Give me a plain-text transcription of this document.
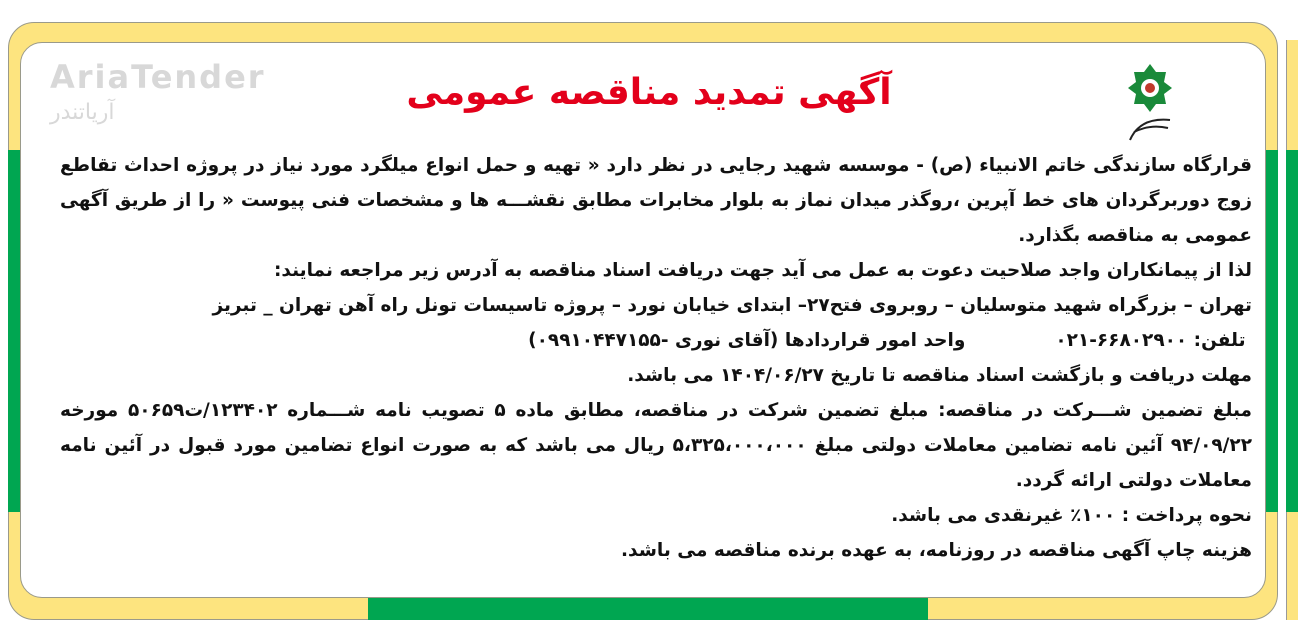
AriaTender
آریاتندر	آگهی تمدید مناقصه عمومی

قرارگاه سازندگی خاتم الانبیاء (ص) - موسسه شهید رجایی در نظر دارد « تهیه و حمل انواع میلگرد مورد نیاز در پروژه احداث تقاطع زوج دوربرگردان های خط آپرین ،روگذر میدان نماز به بلوار مخابرات مطابق نقشـــه ها و مشخصات فنی پیوست « را از طریق آگهی عمومی به مناقصه بگذارد.

لذا از پیمانکاران واجد صلاحیت دعوت به عمل می آید جهت دریافت اسناد مناقصه به آدرس زیر مراجعه نمایند:

تهران – بزرگراه شهید متوسلیان – روبروی فتح۲۷– ابتدای خیابان نورد – پروژه تاسیسات تونل راه آهن تهران _ تبریز

تلفن: ۶۶۸۰۲۹۰۰-۰۲۱واحد امور قراردادها (آقای نوری -۰۹۹۱۰۴۴۷۱۵۵)

مهلت دریافت و بازگشت اسناد مناقصه تا تاریخ ۱۴۰۴/۰۶/۲۷ می باشد.

مبلغ تضمین شـــرکت در مناقصه: مبلغ تضمین شرکت در مناقصه، مطابق ماده ۵ تصویب نامه شـــماره ۱۲۳۴۰۲/ت۵۰۶۵۹ مورخه ۹۴/۰۹/۲۲ آئین نامه تضامین معاملات دولتی مبلغ ۵،۳۲۵،۰۰۰،۰۰۰ ریال می باشد که به صورت انواع تضامین مورد قبول در آئین نامه معاملات دولتی ارائه گردد.

نحوه پرداخت : ۱۰۰٪ غیرنقدی می باشد.

هزینه چاپ آگهی مناقصه در روزنامه، به عهده برنده مناقصه می باشد.
